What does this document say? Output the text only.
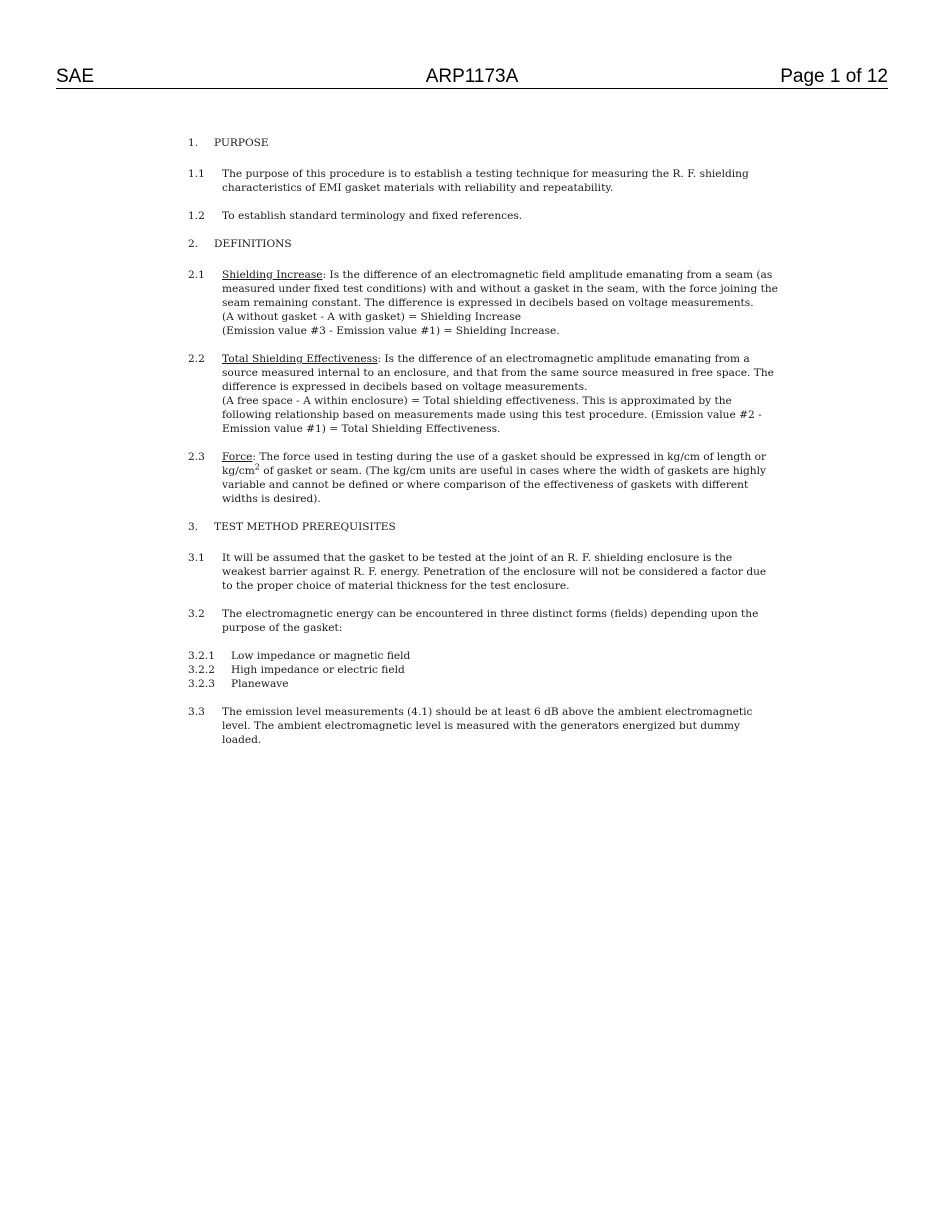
SAE	ARP1173A	Page 1 of 12
1.	PURPOSE
1.1	The purpose of this procedure is to establish a testing technique for measuring the R. F. shielding characteristics of EMI gasket materials with reliability and repeatability.
1.2	To establish standard terminology and fixed references.
2.	DEFINITIONS
2.1	Shielding Increase: Is the difference of an electromagnetic field amplitude emanating from a seam (as measured under fixed test conditions) with and without a gasket in the seam, with the force joining the seam remaining constant. The difference is expressed in decibels based on voltage measurements.
(A without gasket - A with gasket) = Shielding Increase
(Emission value #3 - Emission value #1) = Shielding Increase.
2.2	Total Shielding Effectiveness: Is the difference of an electromagnetic amplitude emanating from a source measured internal to an enclosure, and that from the same source measured in free space. The difference is expressed in decibels based on voltage measurements.
(A free space - A within enclosure) = Total shielding effectiveness. This is approximated by the following relationship based on measurements made using this test procedure. (Emission value #2 - Emission value #1) = Total Shielding Effectiveness.
2.3	Force: The force used in testing during the use of a gasket should be expressed in kg/cm of length or $kg/cm^2$ of gasket or seam. (The kg/cm units are useful in cases where the width of gaskets are highly variable and cannot be defined or where comparison of the effectiveness of gaskets with different widths is desired).
3.	TEST METHOD PREREQUISITES
3.1	It will be assumed that the gasket to be tested at the joint of an R. F. shielding enclosure is the weakest barrier against R. F. energy. Penetration of the enclosure will not be considered a factor due to the proper choice of material thickness for the test enclosure.
3.2	The electromagnetic energy can be encountered in three distinct forms (fields) depending upon the purpose of the gasket:
3.2.1	Low impedance or magnetic field
3.2.2	High impedance or electric field
3.2.3	Planewave
3.3	The emission level measurements (4.1) should be at least 6 dB above the ambient electromagnetic level. The ambient electromagnetic level is measured with the generators energized but dummy loaded.
